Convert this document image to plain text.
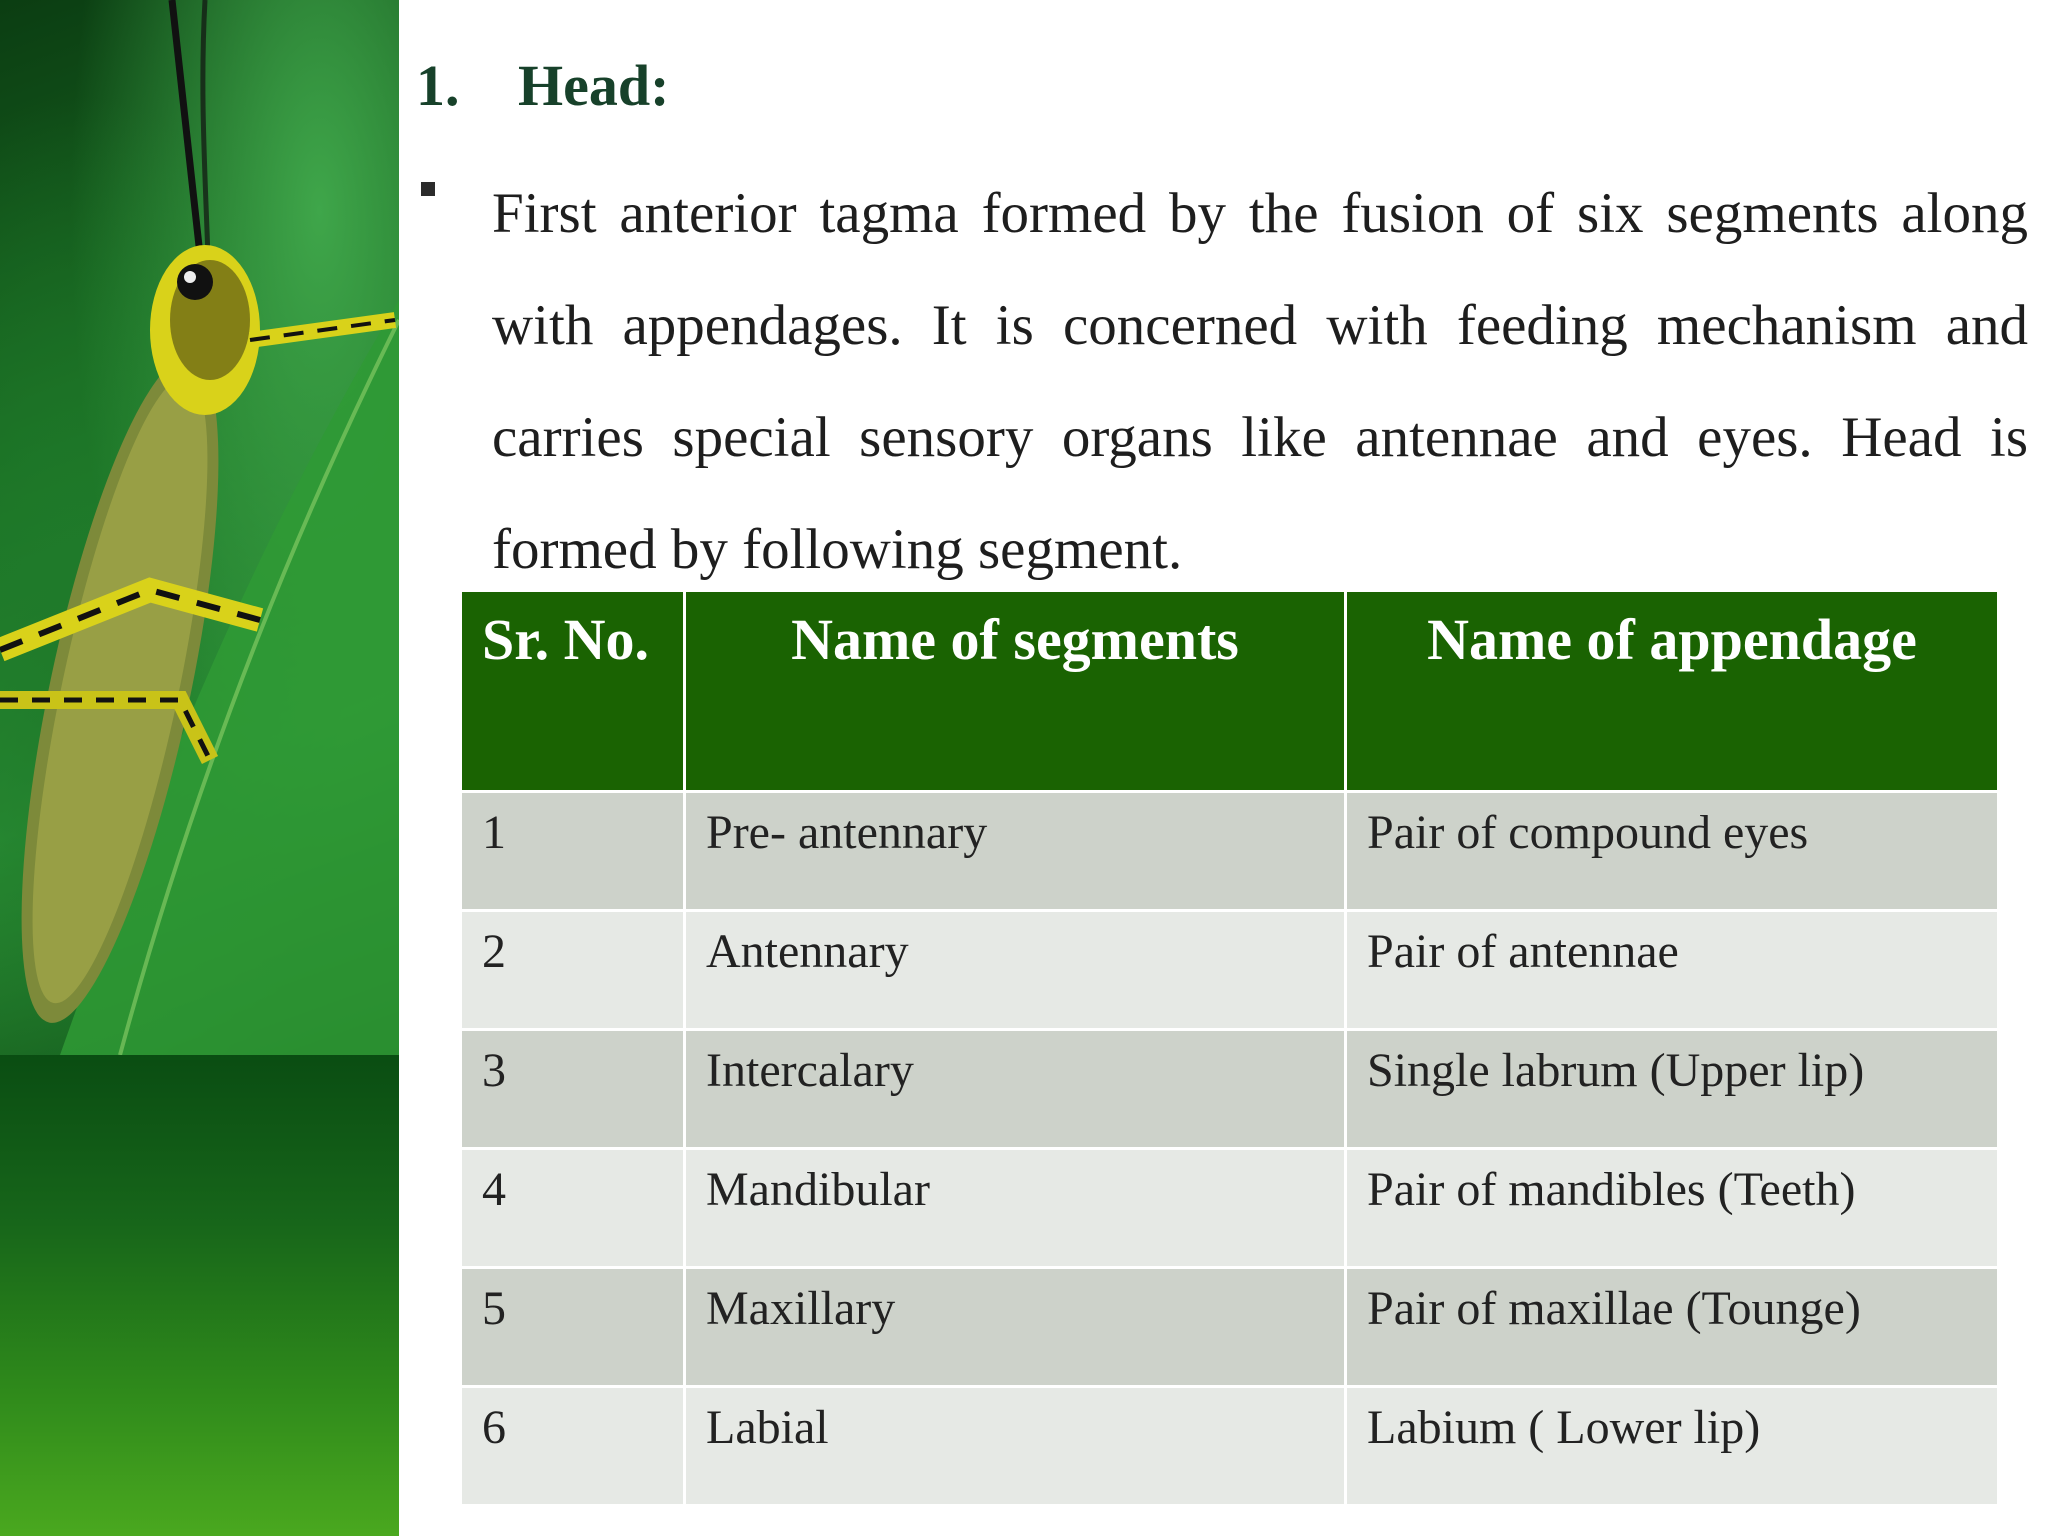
1. Head:
First anterior tagma formed by the fusion of six segments along with appendages. It is concerned with feeding mechanism and carries special sensory organs like antennae and eyes. Head is formed by following segment.
Sr. No.	Name of segments	Name of appendage
1	Pre- antennary	Pair of compound eyes
2	Antennary	Pair of antennae
3	Intercalary	Single labrum (Upper lip)
4	Mandibular	Pair of mandibles (Teeth)
5	Maxillary	Pair of maxillae (Tounge)
6	Labial	Labium ( Lower lip)
